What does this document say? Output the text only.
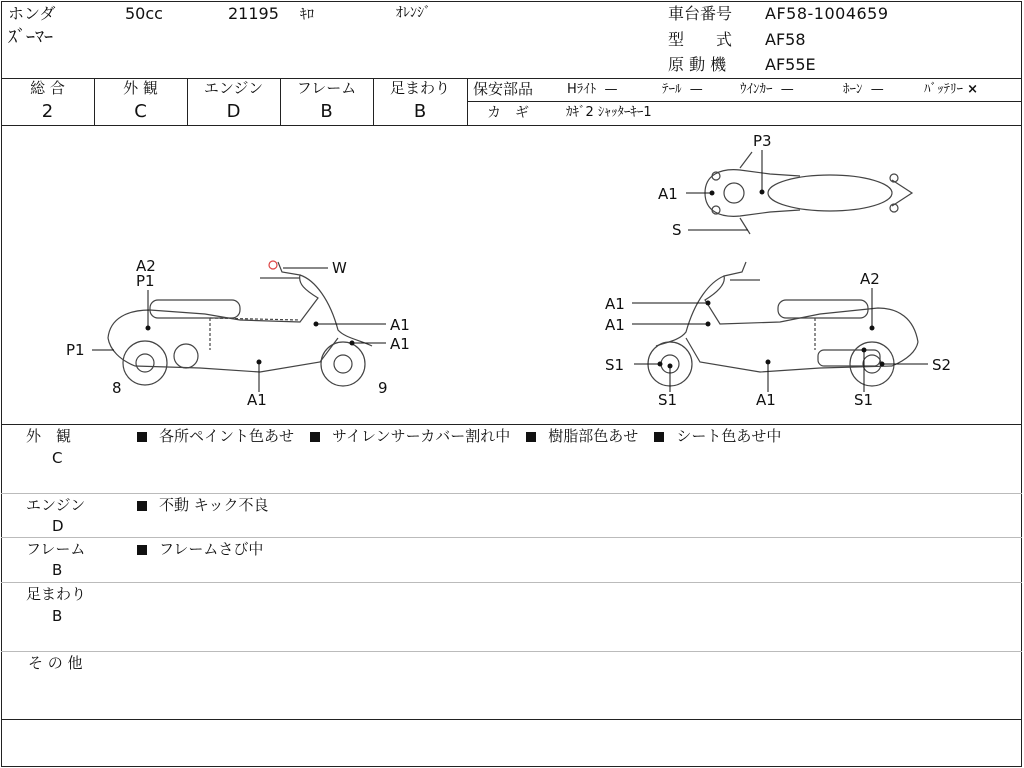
ホンダ	50cc	21195 ｷﾛ	ｵﾚﾝｼﾞ
ｽﾞｰﾏｰ
車台番号 AF58-1004659
型　　式 AF58
原 動 機 AF55E
総 合
2
外 観
C
エンジン
D
フレーム
B
足まわり
B
保安部品	Hﾗｲﾄ —	ﾃｰﾙ —	ｳｲﾝｶｰ —	ﾎｰﾝ —	ﾊﾞｯﾃﾘｰ ×
カ　ギ	ｶｷﾞ2 ｼｬｯﾀｰｷｰ1
A2
P1
W
A1
A1
P1
8
A1
9
P3
A1
S
A2
A1
A1
S1	S2
S1	A1	S1
外　観
C
各所ペイント色あせ	サイレンサーカバー割れ中	樹脂部色あせ	シート色あせ中
エンジン
D
不動 キック不良
フレーム
B
フレームさび中
足まわり
B
そ の 他
